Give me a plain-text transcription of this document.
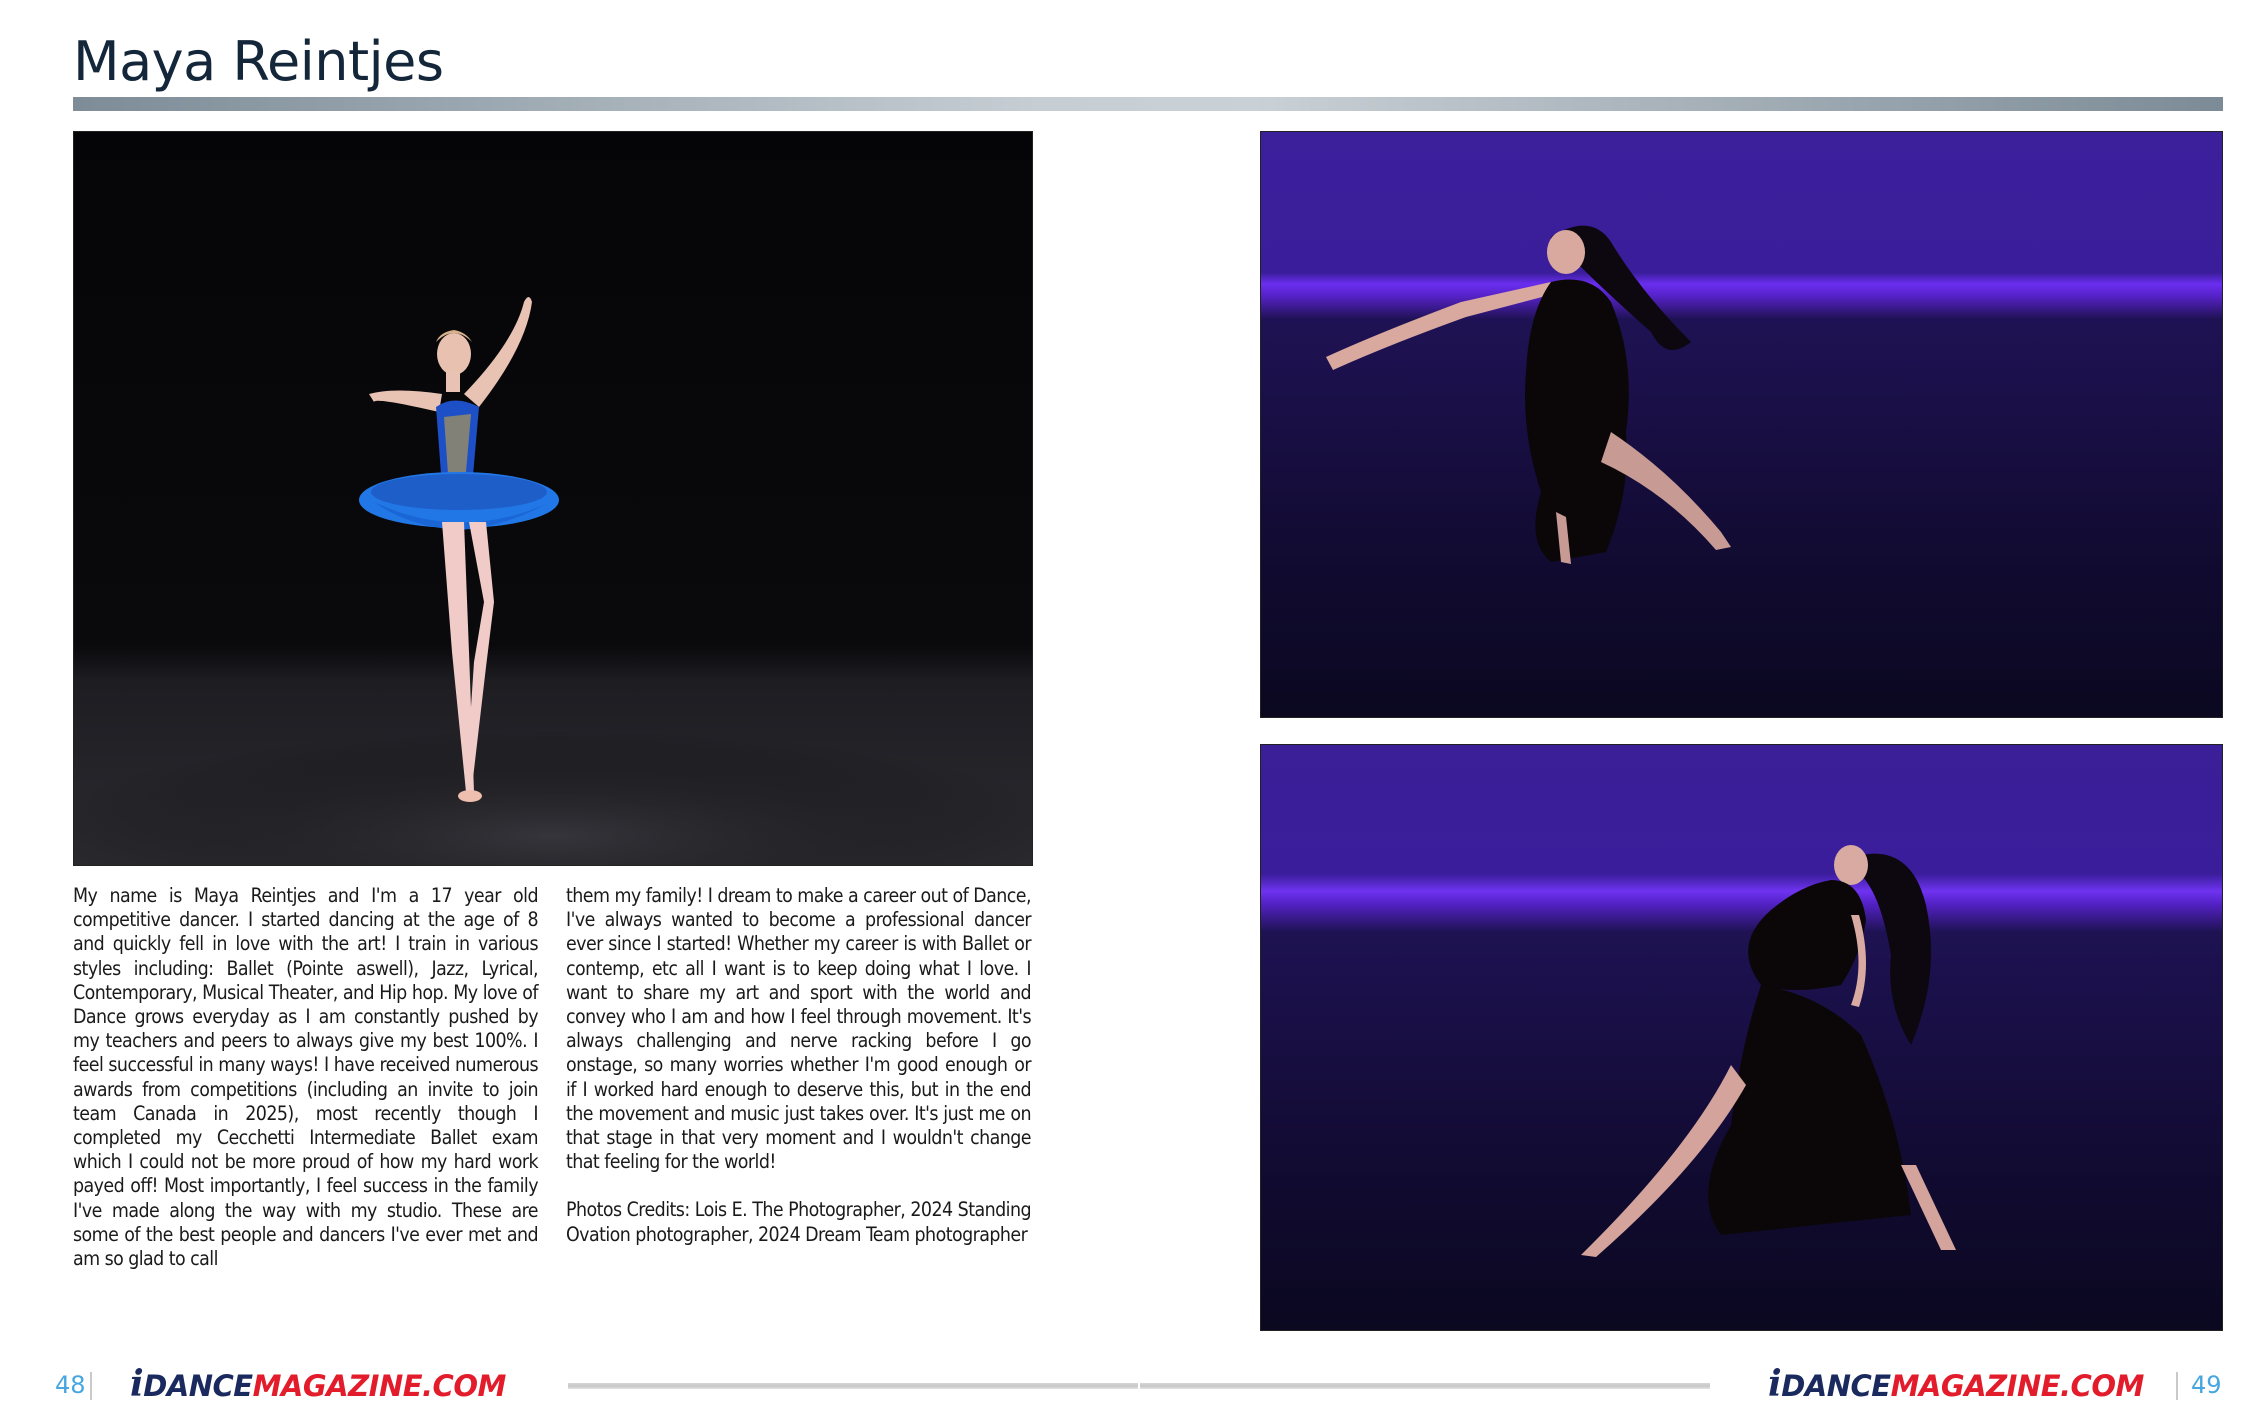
Maya Reintjes

My name is Maya Reintjes and I'm a 17 year old competitive dancer. I started dancing at the age of 8 and quickly fell in love with the art! I train in various styles including: Ballet (Pointe aswell), Jazz, Lyrical, Contemporary, Musical Theater, and Hip hop. My love of Dance grows everyday as I am constantly pushed by my teachers and peers to always give my best 100%. I feel successful in many ways! I have received numerous awards from competitions (including an invite to join team Canada in 2025), most recently though I completed my Cecchetti Intermediate Ballet exam which I could not be more proud of how my hard work payed off! Most importantly, I feel success in the family I've made along the way with my studio. These are some of the best people and dancers I've ever met and am so glad to call

them my family! I dream to make a career out of Dance, I've always wanted to become a professional dancer ever since I started! Whether my career is with Ballet or contemp, etc all I want is to keep doing what I love. I want to share my art and sport with the world and convey who I am and how I feel through movement. It's always challenging and nerve racking before I go onstage, so many worries whether I'm good enough or if I worked hard enough to deserve this, but in the end the movement and music just takes over. It's just me on that stage in that very moment and I wouldn't change that feeling for the world!

Photos Credits: Lois E. The Photographer, 2024 Standing Ovation photographer, 2024 Dream Team photographer

48 iDANCEMAGAZINE.COM	iDANCEMAGAZINE.COM 49
